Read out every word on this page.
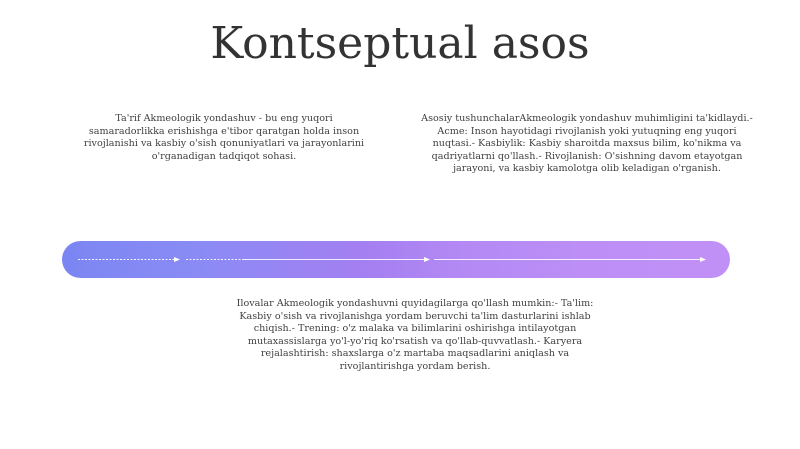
Kontseptual asos
Ta'rif Akmeologik yondashuv - bu eng yuqori samaradorlikka erishishga e'tibor qaratgan holda inson rivojlanishi va kasbiy o'sish qonuniyatlari va jarayonlarini o'rganadigan tadqiqot sohasi.
Asosiy tushunchalarAkmeologik yondashuv muhimligini ta'kidlaydi.- Acme: Inson hayotidagi rivojlanish yoki yutuqning eng yuqori nuqtasi.- Kasbiylik: Kasbiy sharoitda maxsus bilim, ko'nikma va qadriyatlarni qo'llash.- Rivojlanish: O'sishning davom etayotgan jarayoni, va kasbiy kamolotga olib keladigan o'rganish.
Ilovalar Akmeologik yondashuvni quyidagilarga qo'llash mumkin:- Ta'lim: Kasbiy o'sish va rivojlanishga yordam beruvchi ta'lim dasturlarini ishlab chiqish.- Trening: o'z malaka va bilimlarini oshirishga intilayotgan mutaxassislarga yo'l-yo'riq ko'rsatish va qo'llab-quvvatlash.- Karyera rejalashtirish: shaxslarga o'z martaba maqsadlarini aniqlash va rivojlantirishga yordam berish.
